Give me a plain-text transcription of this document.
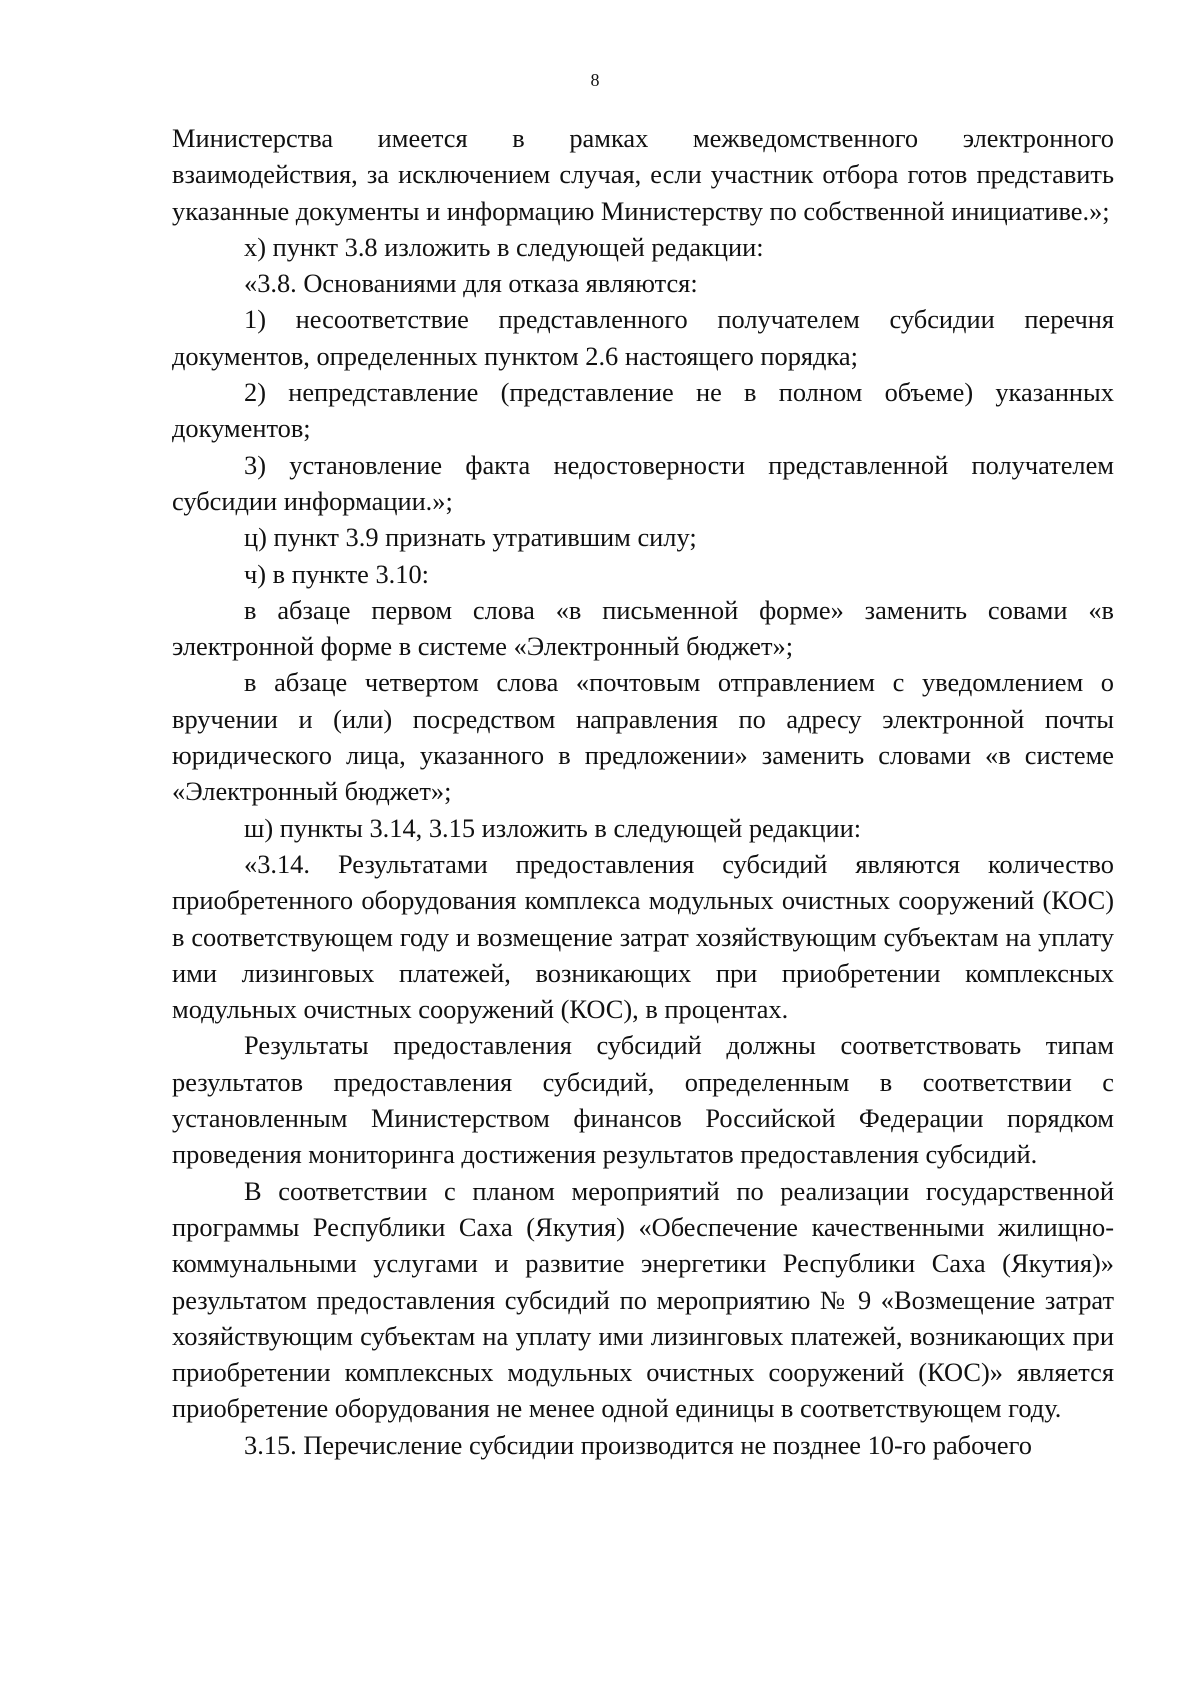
8

Министерства имеется в рамках межведомственного электронного взаимодействия, за исключением случая, если участник отбора готов представить указанные документы и информацию Министерству по собственной инициативе.»;

х) пункт 3.8 изложить в следующей редакции:

«3.8. Основаниями для отказа являются:

1) несоответствие представленного получателем субсидии перечня документов, определенных пунктом 2.6 настоящего порядка;

2) непредставление (представление не в полном объеме) указанных документов;

3) установление факта недостоверности представленной получателем субсидии информации.»;

ц) пункт 3.9 признать утратившим силу;

ч) в пункте 3.10:

в абзаце первом слова «в письменной форме» заменить совами «в электронной форме в системе «Электронный бюджет»;

в абзаце четвертом слова «почтовым отправлением с уведомлением о вручении и (или) посредством направления по адресу электронной почты юридического лица, указанного в предложении» заменить словами «в системе «Электронный бюджет»;

ш) пункты 3.14, 3.15 изложить в следующей редакции:

«3.14. Результатами предоставления субсидий являются количество приобретенного оборудования комплекса модульных очистных сооружений (КОС) в соответствующем году и возмещение затрат хозяйствующим субъектам на уплату ими лизинговых платежей, возникающих при приобретении комплексных модульных очистных сооружений (КОС), в процентах.

Результаты предоставления субсидий должны соответствовать типам результатов предоставления субсидий, определенным в соответствии с установленным Министерством финансов Российской Федерации порядком проведения мониторинга достижения результатов предоставления субсидий.

В соответствии с планом мероприятий по реализации государственной программы Республики Саха (Якутия) «Обеспечение качественными жилищно-коммунальными услугами и развитие энергетики Республики Саха (Якутия)» результатом предоставления субсидий по мероприятию № 9 «Возмещение затрат хозяйствующим субъектам на уплату ими лизинговых платежей, возникающих при приобретении комплексных модульных очистных сооружений (КОС)» является приобретение оборудования не менее одной единицы в соответствующем году.

3.15. Перечисление субсидии производится не позднее 10-го рабочего
